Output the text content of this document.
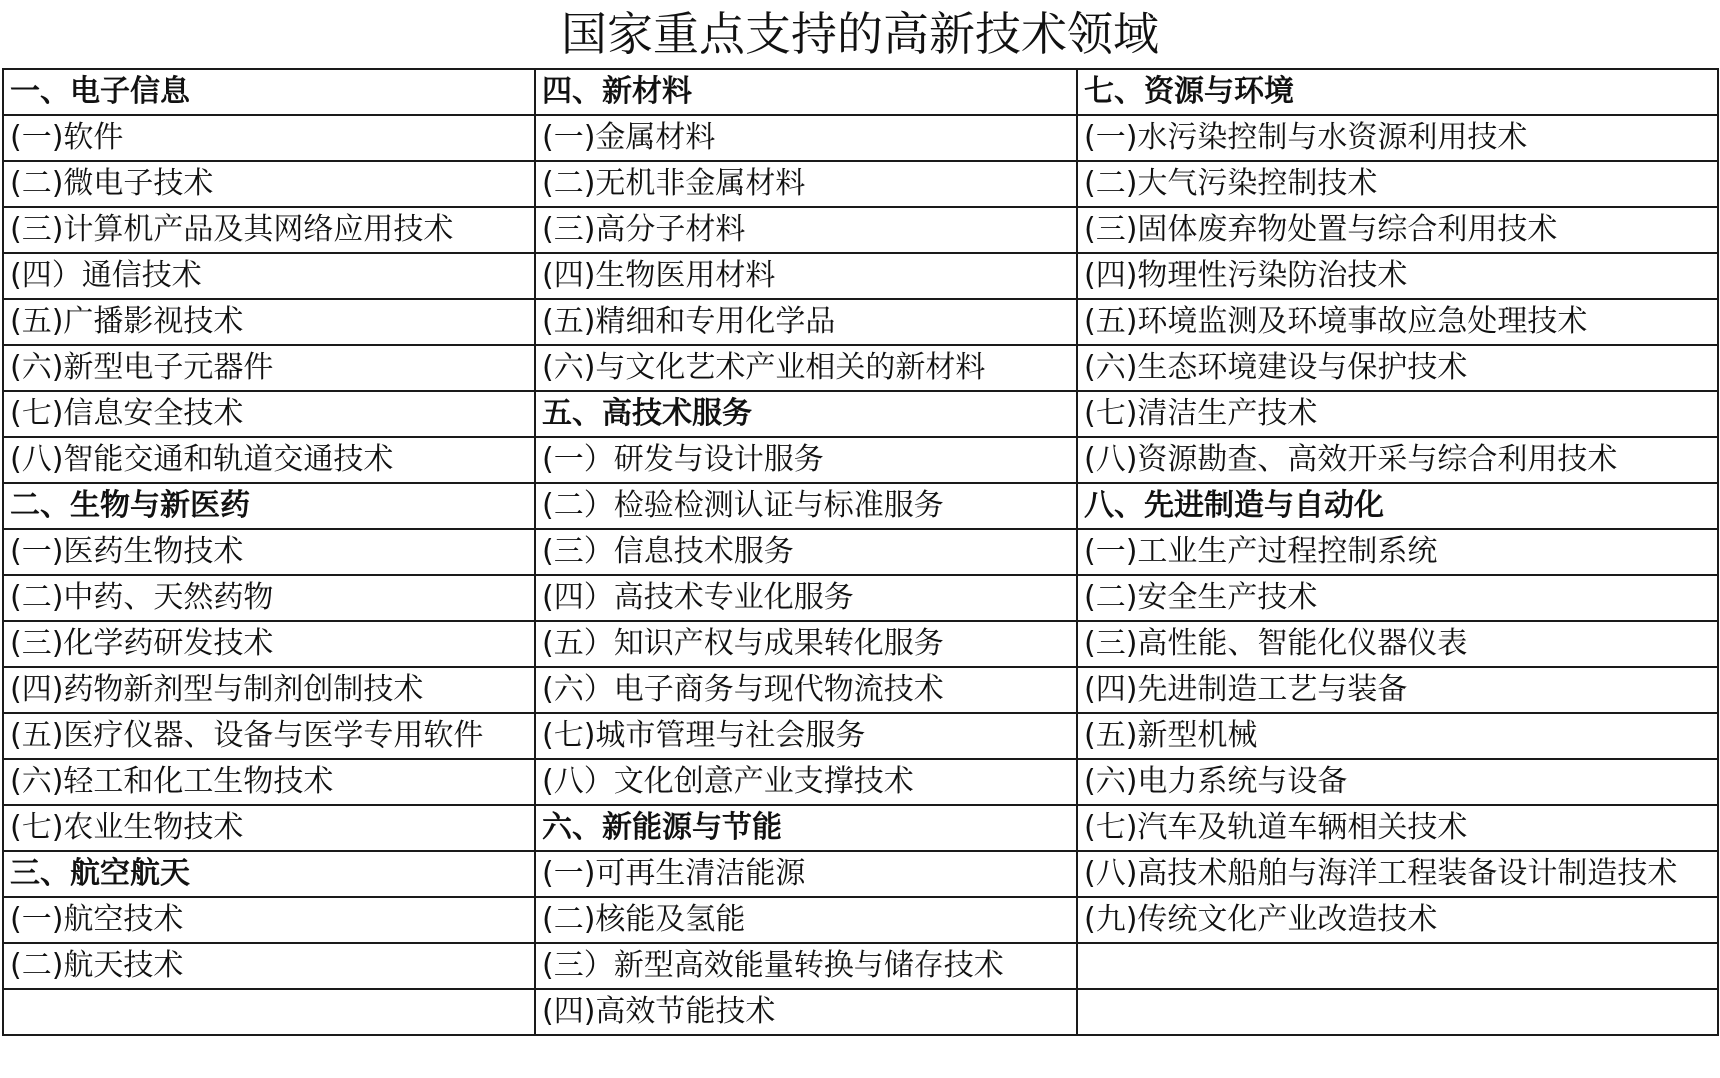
国家重点支持的高新技术领域
一、电子信息	四、新材料	七、资源与环境
(一)软件	(一)金属材料	(一)水污染控制与水资源利用技术
(二)微电子技术	(二)无机非金属材料	(二)大气污染控制技术
(三)计算机产品及其网络应用技术	(三)高分子材料	(三)固体废弃物处置与综合利用技术
(四）通信技术	(四)生物医用材料	(四)物理性污染防治技术
(五)广播影视技术	(五)精细和专用化学品	(五)环境监测及环境事故应急处理技术
(六)新型电子元器件	(六)与文化艺术产业相关的新材料	(六)生态环境建设与保护技术
(七)信息安全技术	五、高技术服务	(七)清洁生产技术
(八)智能交通和轨道交通技术	(一）研发与设计服务	(八)资源勘查、高效开采与综合利用技术
二、生物与新医药	(二）检验检测认证与标准服务	八、先进制造与自动化
(一)医药生物技术	(三）信息技术服务	(一)工业生产过程控制系统
(二)中药、天然药物	(四）高技术专业化服务	(二)安全生产技术
(三)化学药研发技术	(五）知识产权与成果转化服务	(三)高性能、智能化仪器仪表
(四)药物新剂型与制剂创制技术	(六）电子商务与现代物流技术	(四)先进制造工艺与装备
(五)医疗仪器、设备与医学专用软件	(七)城市管理与社会服务	(五)新型机械
(六)轻工和化工生物技术	(八）文化创意产业支撑技术	(六)电力系统与设备
(七)农业生物技术	六、新能源与节能	(七)汽车及轨道车辆相关技术
三、航空航天	(一)可再生清洁能源	(八)高技术船舶与海洋工程装备设计制造技术
(一)航空技术	(二)核能及氢能	(九)传统文化产业改造技术
(二)航天技术	(三）新型高效能量转换与储存技术	
	(四)高效节能技术	
